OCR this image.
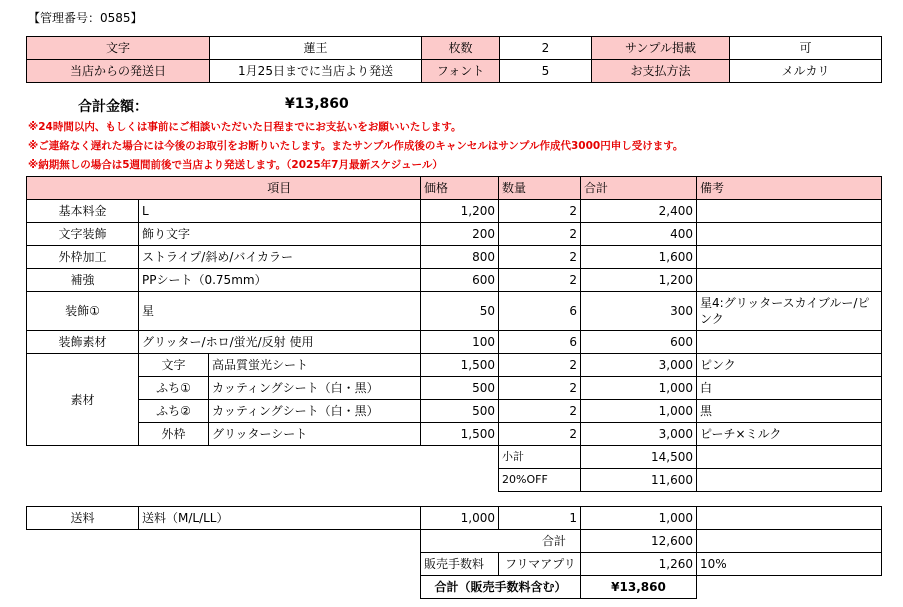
【管理番号：0585】
文字	蓮王	枚数	2	サンプル掲載	可
当店からの発送日	1月25日までに当店より発送	フォント	5	お支払方法	メルカリ
合計金額：	¥13,860
※24時間以内、もしくは事前にご相談いただいた日程までにお支払いをお願いいたします。
※ご連絡なく遅れた場合には今後のお取引をお断りいたします。またサンプル作成後のキャンセルはサンプル作成代3000円申し受けます。
※納期無しの場合は5週間前後で当店より発送します。（2025年7月最新スケジュール）
	項目		価格	数量	合計	備考
基本料金	L		1,200	2	2,400	
文字装飾	飾り文字		200	2	400	
外枠加工	ストライプ/斜め/バイカラー		800	2	1,600	
補強	PPシート（0.75mm）		600	2	1,200	
装飾①	星		50	6	300	星4:グリッタースカイブルー/ピンク
装飾素材	グリッター/ホロ/蛍光/反射 使用		100	6	600	
素材	文字	高品質蛍光シート	1,500	2	3,000	ピンク
	ふち①	カッティングシート（白・黒）	500	2	1,000	白
	ふち②	カッティングシート（白・黒）	500	2	1,000	黒
	外枠	グリッターシート	1,500	2	3,000	ピーチ×ミルク
				小計	14,500	
				20%OFF	11,600	
送料	送料（M/L/LL）	1,000	1	1,000	
		合計		12,600	
		販売手数料	フリマアプリ	1,260	10%
		合計（販売手数料含む）		¥13,860	
